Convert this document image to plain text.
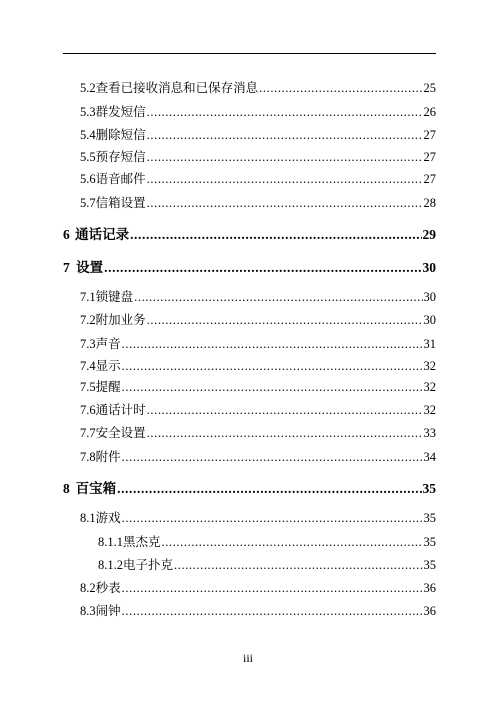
5.2 查看已接收消息和已保存消息 .....	25
5.3 群发短信 .....	26
5.4 删除短信 .....	27
5.5 预存短信 .....	27
5.6 语音邮件 .....	27
5.7 信箱设置 .....	28
6 通话记录 .....	29
7 设置 .....	30
7.1 锁键盘 .....	30
7.2 附加业务 .....	30
7.3 声音 .....	31
7.4 显示 .....	32
7.5 提醒 .....	32
7.6 通话计时 .....	32
7.7 安全设置 .....	33
7.8 附件 .....	34
8 百宝箱 .....	35
8.1 游戏 .....	35
8.1.1 黑杰克 .....	35
8.1.2 电子扑克 .....	35
8.2 秒表 .....	36
8.3 闹钟 .....	36
iii
